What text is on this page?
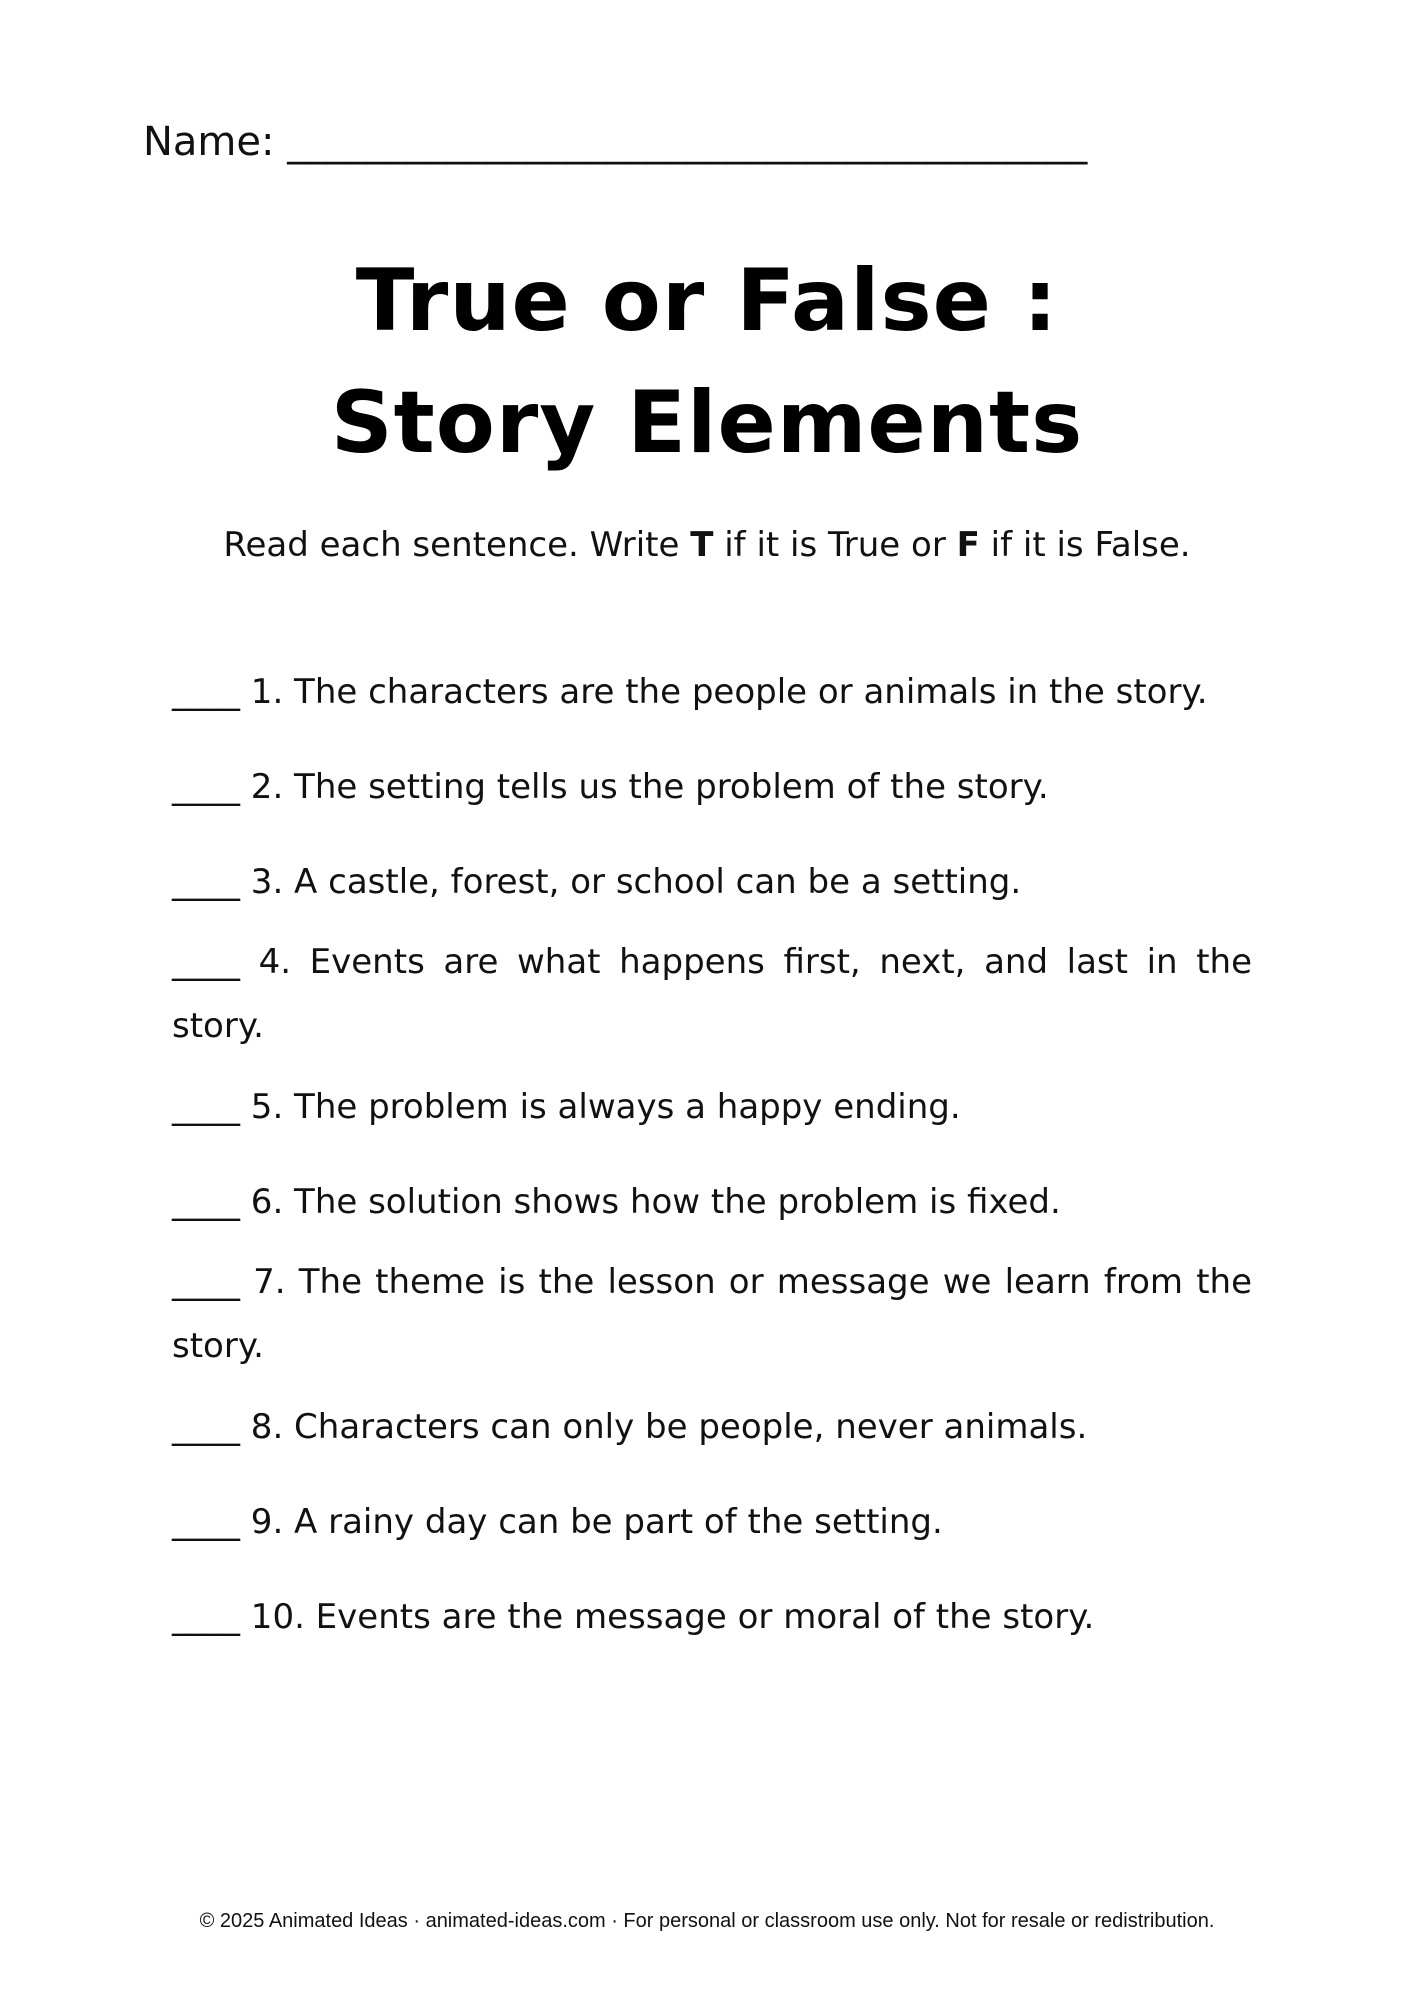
Name: ________________________________________
True or False :
Story Elements
Read each sentence. Write T if it is True or F if it is False.
____ 1. The characters are the people or animals in the story.
____ 2. The setting tells us the problem of the story.
____ 3. A castle, forest, or school can be a setting.
____ 4. Events are what happens first, next, and last in the story.
____ 5. The problem is always a happy ending.
____ 6. The solution shows how the problem is fixed.
____ 7. The theme is the lesson or message we learn from the story.
____ 8. Characters can only be people, never animals.
____ 9. A rainy day can be part of the setting.
____ 10. Events are the message or moral of the story.
© 2025 Animated Ideas · animated-ideas.com · For personal or classroom use only. Not for resale or redistribution.
